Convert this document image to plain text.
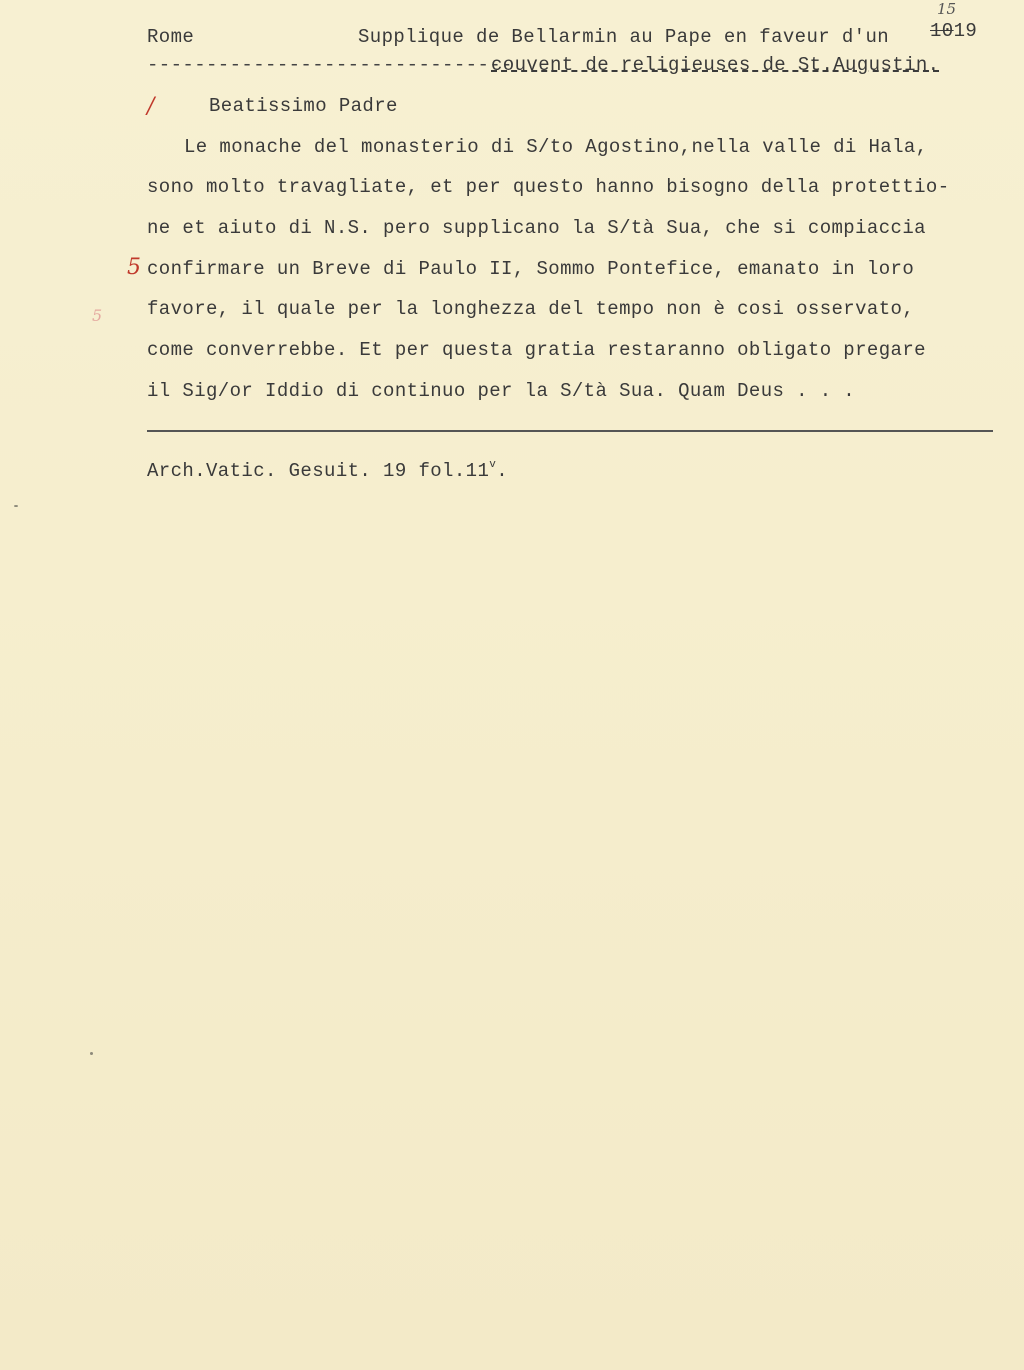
Rome	Supplique de Bellarmin au Pape en faveur d'un
15
1019
-------------------------------
couvent de religieuses de St.Augustin.
/	Beatissimo Padre
Le monache del monasterio di S/to Agostino,nella valle di Hala,
sono molto travagliate, et per questo hanno bisogno della protettio-
ne et aiuto di N.S. pero supplicano la S/tà Sua, che si compiaccia
5 confirmare un Breve di Paulo II, Sommo Pontefice, emanato in loro
5 favore, il quale per la longhezza del tempo non è cosi osservato,
come converrebbe. Et per questa gratia restaranno obligato pregare
il Sig/or Iddio di continuo per la S/tà Sua. Quam Deus . . .
Arch.Vatic. Gesuit. 19 fol.11$^v$.
